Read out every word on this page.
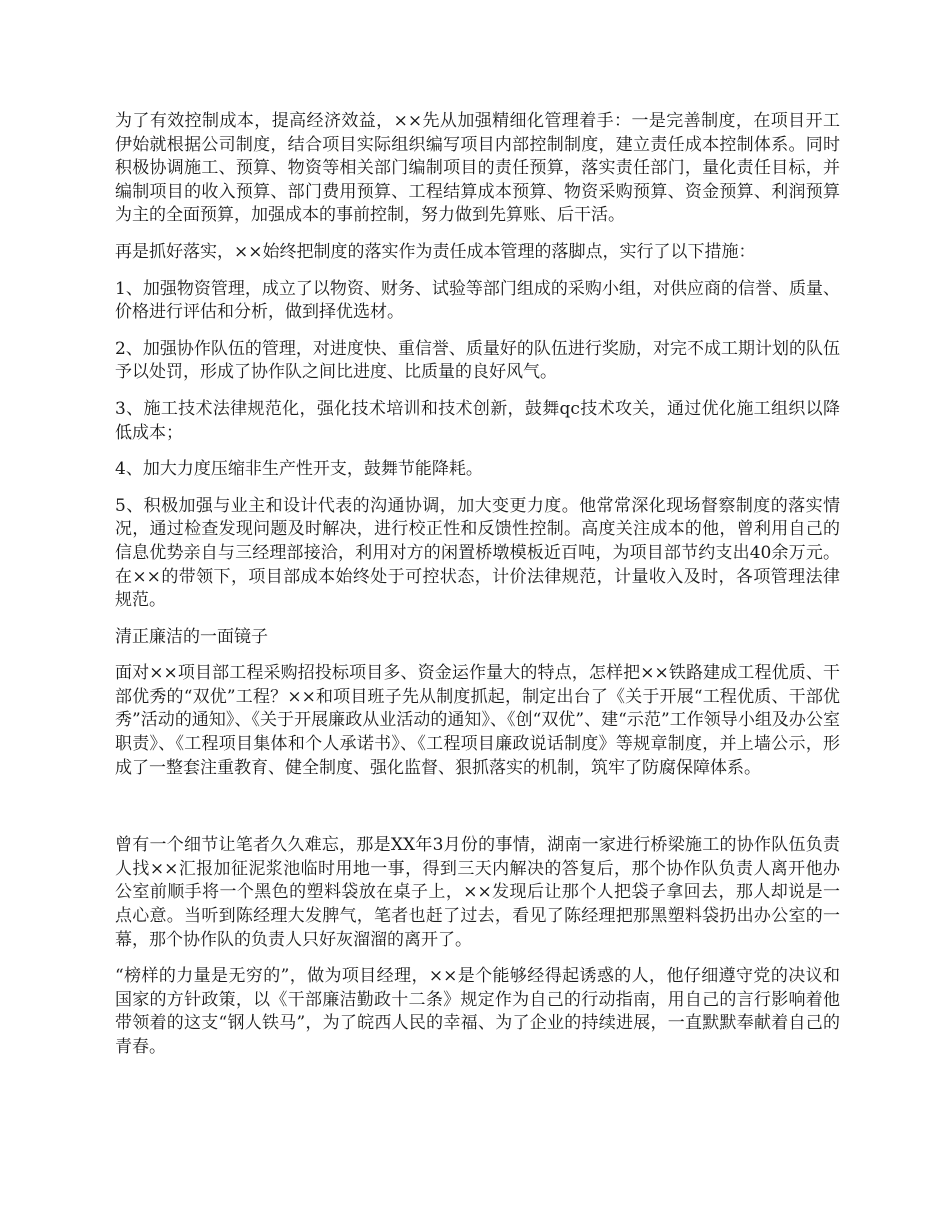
为了有效控制成本，提高经济效益，××先从加强精细化管理着手：一是完善制度，在项目开工伊始就根据公司制度，结合项目实际组织编写项目内部控制制度，建立责任成本控制体系。同时积极协调施工、预算、物资等相关部门编制项目的责任预算，落实责任部门，量化责任目标，并编制项目的收入预算、部门费用预算、工程结算成本预算、物资采购预算、资金预算、利润预算为主的全面预算，加强成本的事前控制，努力做到先算账、后干活。

再是抓好落实，××始终把制度的落实作为责任成本管理的落脚点，实行了以下措施：

1、加强物资管理，成立了以物资、财务、试验等部门组成的采购小组，对供应商的信誉、质量、价格进行评估和分析，做到择优选材。

2、加强协作队伍的管理，对进度快、重信誉、质量好的队伍进行奖励，对完不成工期计划的队伍予以处罚，形成了协作队之间比进度、比质量的良好风气。

3、施工技术法律规范化，强化技术培训和技术创新，鼓舞qc技术攻关，通过优化施工组织以降低成本；

4、加大力度压缩非生产性开支，鼓舞节能降耗。

5、积极加强与业主和设计代表的沟通协调，加大变更力度。他常常深化现场督察制度的落实情况，通过检查发现问题及时解决，进行校正性和反馈性控制。高度关注成本的他，曾利用自己的信息优势亲自与三经理部接洽，利用对方的闲置桥墩模板近百吨，为项目部节约支出40余万元。在××的带领下，项目部成本始终处于可控状态，计价法律规范，计量收入及时，各项管理法律规范。

清正廉洁的一面镜子

面对××项目部工程采购招投标项目多、资金运作量大的特点，怎样把××铁路建成工程优质、干部优秀的“双优”工程？××和项目班子先从制度抓起，制定出台了《关于开展“工程优质、干部优秀”活动的通知》、《关于开展廉政从业活动的通知》、《创“双优”、建“示范”工作领导小组及办公室职责》、《工程项目集体和个人承诺书》、《工程项目廉政说话制度》等规章制度，并上墙公示，形成了一整套注重教育、健全制度、强化监督、狠抓落实的机制，筑牢了防腐保障体系。

曾有一个细节让笔者久久难忘，那是XX年3月份的事情，湖南一家进行桥梁施工的协作队伍负责人找××汇报加征泥浆池临时用地一事，得到三天内解决的答复后，那个协作队负责人离开他办公室前顺手将一个黑色的塑料袋放在桌子上，××发现后让那个人把袋子拿回去，那人却说是一点心意。当听到陈经理大发脾气，笔者也赶了过去，看见了陈经理把那黑塑料袋扔出办公室的一幕，那个协作队的负责人只好灰溜溜的离开了。

“榜样的力量是无穷的”，做为项目经理，××是个能够经得起诱惑的人，他仔细遵守党的决议和国家的方针政策，以《干部廉洁勤政十二条》规定作为自己的行动指南，用自己的言行影响着他带领着的这支“钢人铁马”，为了皖西人民的幸福、为了企业的持续进展，一直默默奉献着自己的青春。
